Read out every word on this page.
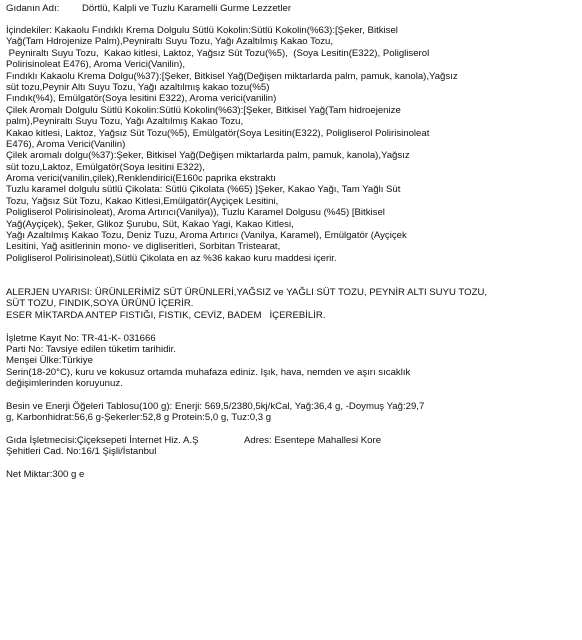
Gıdanın Adı: Dörtlü, Kalpli ve Tuzlu Karamelli Gurme Lezzetler
İçindekiler: Kakaolu Fındıklı Krema Dolgulu Sütlü Kokolin:Sütlü Kokolin(%63):[Şeker, Bitkisel
Yağ(Tam Hdrojenize Palm),Peyniraltı Suyu Tozu, Yağı Azaltılmış Kakao Tozu,
Peyniraltı Suyu Tozu,  Kakao kitlesi, Laktoz, Yağsız Süt Tozu(%5),  (Soya Lesitin(E322), Poligliserol
Polirisinoleat E476), Aroma Verici(Vanilin),
Fındıklı Kakaolu Krema Dolgu(%37):[Şeker, Bitkisel Yağ(Değişen miktarlarda palm, pamuk, kanola),Yağsız
süt tozu,Peynir Altı Suyu Tozu, Yağı azaltılmış kakao tozu(%5)
Fındık(%4), Emülgatör(Soya lesitini E322), Aroma verici(vanilin)
Çilek Aromalı Dolgulu Sütlü Kokolin:Sütlü Kokolin(%63):[Şeker, Bitkisel Yağ(Tam hidroejenize
palm),Peyniraltı Suyu Tozu, Yağı Azaltılmış Kakao Tozu,
Kakao kitlesi, Laktoz, Yağsız Süt Tozu(%5), Emülgatör(Soya Lesitin(E322), Poligliserol Polirisinoleat
E476), Aroma Verici(Vanilin)
Çilek aromalı dolgu(%37):Şeker, Bitkisel Yağ(Değişen miktarlarda palm, pamuk, kanola),Yağsız
süt tozu,Laktoz, Emülgatör(Soya lesitini E322),
Aroma verici(vanilin,çilek),Renklendirici(E160c paprika ekstraktı
Tuzlu karamel dolgulu sütlü Çikolata: Sütlü Çikolata (%65) ]Şeker, Kakao Yağı, Tam Yağlı Süt
Tozu, Yağsız Süt Tozu, Kakao Kitlesi,Emülgatör(Ayçiçek Lesitini,
Poligliserol Polirisinoleat), Aroma Artırıcı(Vanilya)), Tuzlu Karamel Dolgusu (%45) [Bitkisel
Yağ(Ayçiçek), Şeker, Glikoz Şurubu, Süt, Kakao Yagi, Kakao Kitlesi,
Yağı Azaltılmış Kakao Tozu, Deniz Tuzu, Aroma Artırıcı (Vanilya, Karamel), Emülgatör (Ayçiçek
Lesitini, Yağ asitlerinin mono- ve digliseritleri, Sorbitan Tristearat,
Poligliserol Polirisinoleat),Sütlü Çikolata en az %36 kakao kuru maddesi içerir.
ALERJEN UYARISI: ÜRÜNLERİMİZ SÜT ÜRÜNLERİ,YAĞSIZ ve YAĞLI SÜT TOZU, PEYNİR ALTI SUYU TOZU,
SÜT TOZU, FINDIK,SOYA ÜRÜNÜ İÇERİR.
ESER MİKTARDA ANTEP FISTIĞI, FISTIK, CEVİZ, BADEM   İÇEREBİLİR.
İşletme Kayıt No: TR-41-K- 031666
Parti No: Tavsiye edilen tüketim tarihidir.
Menşei Ülke:Türkiye
Serin(18-20°C), kuru ve kokusuz ortamda muhafaza ediniz. Işık, hava, nemden ve aşırı sıcaklık
değişimlerinden koruyunuz.
Besin ve Enerji Öğeleri Tablosu(100 g): Enerji: 569,5/2380,5kj/kCal, Yağ:36,4 g, -Doymuş Yağ:29,7
g, Karbonhidrat:56,6 g-Şekerler:52,8 g Protein:5,0 g, Tuz:0,3 g
Gıda İşletmecisi:Çiçeksepeti İnternet Hiz. A.Ş	Adres: Esentepe Mahallesi Kore
Şehitleri Cad. No:16/1 Şişli/İstanbul
Net Miktar:300 g e
